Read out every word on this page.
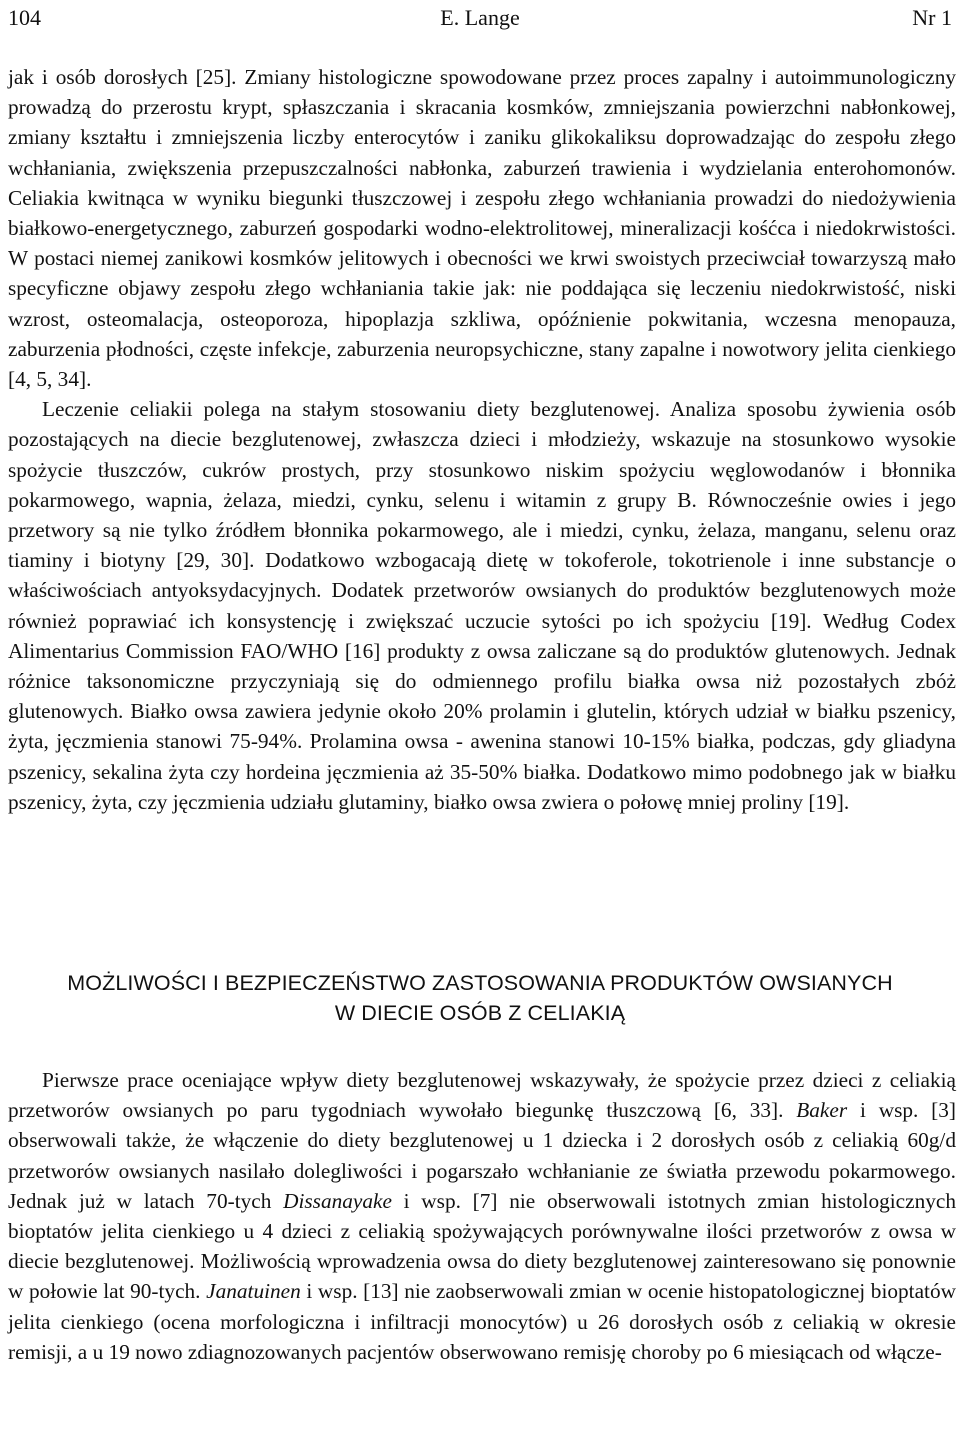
104	E. Lange	Nr 1

jak i osób dorosłych [25]. Zmiany histologiczne spowodowane przez proces zapalny i autoimmunologiczny prowadzą do przerostu krypt, spłaszczania i skracania kosmków, zmniejszania powierzchni nabłonkowej, zmiany kształtu i zmniejszenia liczby enterocytów i zaniku glikokaliksu doprowadzając do zespołu złego wchłaniania, zwiększenia przepuszczalności nabłonka, zaburzeń trawienia i wydzielania enterohomonów. Celiakia kwitnąca w wyniku biegunki tłuszczowej i zespołu złego wchłaniania prowadzi do niedożywienia białkowo-energetycznego, zaburzeń gospodarki wodno-elektrolitowej, mineralizacji kośćca i niedokrwistości. W postaci niemej zanikowi kosmków jelitowych i obecności we krwi swoistych przeciwciał towarzyszą mało specyficzne objawy zespołu złego wchłaniania takie jak: nie poddająca się leczeniu niedokrwistość, niski wzrost, osteomalacja, osteoporoza, hipoplazja szkliwa, opóźnienie pokwitania, wczesna menopauza, zaburzenia płodności, częste infekcje, zaburzenia neuropsychiczne, stany zapalne i nowotwory jelita cienkiego [4, 5, 34].

Leczenie celiakii polega na stałym stosowaniu diety bezglutenowej. Analiza sposobu żywienia osób pozostających na diecie bezglutenowej, zwłaszcza dzieci i młodzieży, wskazuje na stosunkowo wysokie spożycie tłuszczów, cukrów prostych, przy stosunkowo niskim spożyciu węglowodanów i błonnika pokarmowego, wapnia, żelaza, miedzi, cynku, selenu i witamin z grupy B. Równocześnie owies i jego przetwory są nie tylko źródłem błonnika pokarmowego, ale i miedzi, cynku, żelaza, manganu, selenu oraz tiaminy i biotyny [29, 30]. Dodatkowo wzbogacają dietę w tokoferole, tokotrienole i inne substancje o właściwościach antyoksydacyjnych. Dodatek przetworów owsianych do produktów bezglutenowych może również poprawiać ich konsystencję i zwiększać uczucie sytości po ich spożyciu [19]. Według Codex Alimentarius Commission FAO/WHO [16] produkty z owsa zaliczane są do produktów glutenowych. Jednak różnice taksonomiczne przyczyniają się do odmiennego profilu białka owsa niż pozostałych zbóż glutenowych. Białko owsa zawiera jedynie około 20% prolamin i glutelin, których udział w białku pszenicy, żyta, jęczmienia stanowi 75-94%. Prolamina owsa - awenina stanowi 10-15% białka, podczas, gdy gliadyna pszenicy, sekalina żyta czy hordeina jęczmienia aż 35-50% białka. Dodatkowo mimo podobnego jak w białku pszenicy, żyta, czy jęczmienia udziału glutaminy, białko owsa zwiera o połowę mniej proliny [19].

MOŻLIWOŚCI I BEZPIECZEŃSTWO ZASTOSOWANIA PRODUKTÓW OWSIANYCH
W DIECIE OSÓB Z CELIAKIĄ

Pierwsze prace oceniające wpływ diety bezglutenowej wskazywały, że spożycie przez dzieci z celiakią przetworów owsianych po paru tygodniach wywołało biegunkę tłuszczową [6, 33]. Baker i wsp. [3] obserwowali także, że włączenie do diety bezglutenowej u 1 dziecka i 2 dorosłych osób z celiakią 60g/d przetworów owsianych nasilało dolegliwości i pogarszało wchłanianie ze światła przewodu pokarmowego. Jednak już w latach 70-tych Dissanayake i wsp. [7] nie obserwowali istotnych zmian histologicznych bioptatów jelita cienkiego u 4 dzieci z celiakią spożywających porównywalne ilości przetworów z owsa w diecie bezglutenowej. Możliwością wprowadzenia owsa do diety bezglutenowej zainteresowano się ponownie w połowie lat 90-tych. Janatuinen i wsp. [13] nie zaobserwowali zmian w ocenie histopatologicznej bioptatów jelita cienkiego (ocena morfologiczna i infiltracji monocytów) u 26 dorosłych osób z celiakią w okresie remisji, a u 19 nowo zdiagnozowanych pacjentów obserwowano remisję choroby po 6 miesiącach od włącze-
